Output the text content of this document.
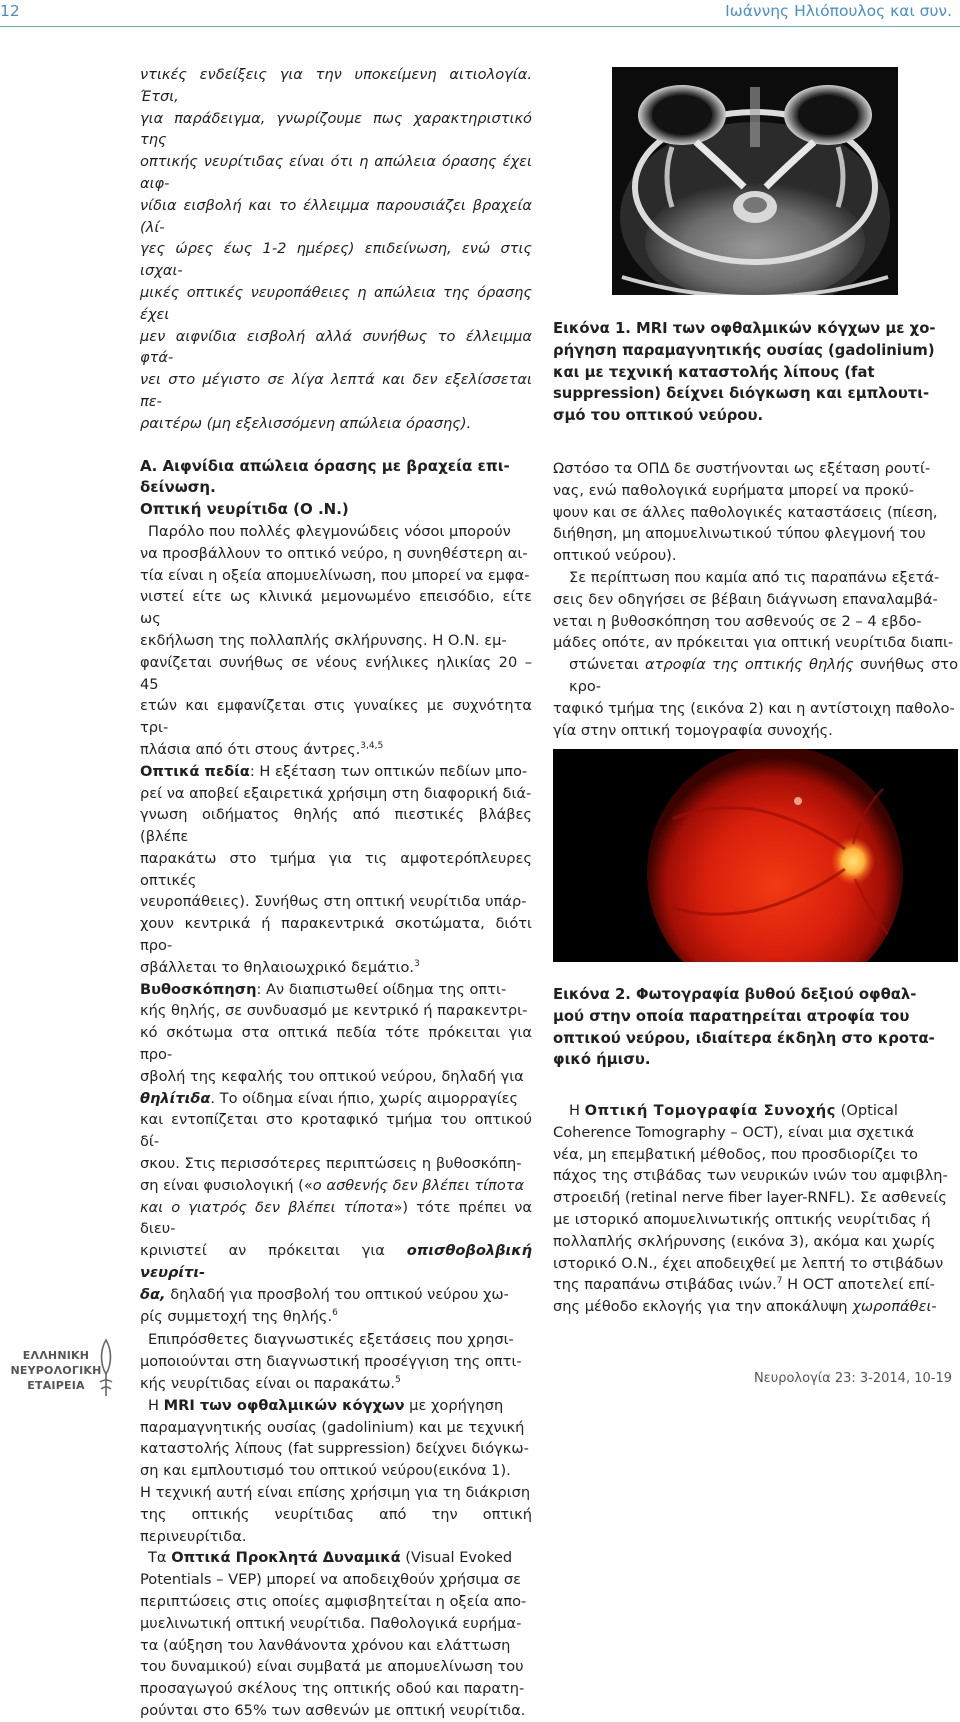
12	Ιωάννης Ηλιόπουλος και συν.
ντικές ενδείξεις για την υποκείμενη αιτιολογία. Έτσι,
για παράδειγμα, γνωρίζουμε πως χαρακτηριστικό της
οπτικής νευρίτιδας είναι ότι η απώλεια όρασης έχει αιφ-
νίδια εισβολή και το έλλειμμα παρουσιάζει βραχεία (λί-
γες ώρες έως 1-2 ημέρες) επιδείνωση, ενώ στις ισχαι-
μικές οπτικές νευροπάθειες η απώλεια της όρασης έχει
μεν αιφνίδια εισβολή αλλά συνήθως το έλλειμμα φτά-
νει στο μέγιστο σε λίγα λεπτά και δεν εξελίσσεται πε-
ραιτέρω (μη εξελισσόμενη απώλεια όρασης).
Α. Αιφνίδια απώλεια όρασης με βραχεία επι-
δείνωση.
Οπτική νευρίτιδα (Ο .Ν.)
Παρόλο που πολλές φλεγμονώδεις νόσοι μπορούν
να προσβάλλουν το οπτικό νεύρο, η συνηθέστερη αι-
τία είναι η οξεία απομυελίνωση, που μπορεί να εμφα-
νιστεί είτε ως κλινικά μεμονωμένο επεισόδιο, είτε ως
εκδήλωση της πολλαπλής σκλήρυνσης. Η Ο.Ν. εμ-
φανίζεται συνήθως σε νέους ενήλικες ηλικίας 20 – 45
ετών και εμφανίζεται στις γυναίκες με συχνότητα τρι-
πλάσια από ότι στους άντρες.$^{3,4,5}$
Οπτικά πεδία: Η εξέταση των οπτικών πεδίων μπο-
ρεί να αποβεί εξαιρετικά χρήσιμη στη διαφορική διά-
γνωση οιδήματος θηλής από πιεστικές βλάβες (βλέπε
παρακάτω στο τμήμα για τις αμφοτερόπλευρες οπτικές
νευροπάθειες). Συνήθως στη οπτική νευρίτιδα υπάρ-
χουν κεντρικά ή παρακεντρικά σκοτώματα, διότι προ-
σβάλλεται το θηλαιοωχρικό δεμάτιο.$^3$
Βυθοσκόπηση: Αν διαπιστωθεί οίδημα της οπτι-
κής θηλής, σε συνδυασμό με κεντρικό ή παρακεντρι-
κό σκότωμα στα οπτικά πεδία τότε πρόκειται για προ-
σβολή της κεφαλής του οπτικού νεύρου, δηλαδή για
θηλίτιδα. Το οίδημα είναι ήπιο, χωρίς αιμορραγίες
και εντοπίζεται στο κροταφικό τμήμα του οπτικού δί-
σκου. Στις περισσότερες περιπτώσεις η βυθοσκόπη-
ση είναι φυσιολογική («ο ασθενής δεν βλέπει τίποτα
και ο γιατρός δεν βλέπει τίποτα») τότε πρέπει να διευ-
κρινιστεί αν πρόκειται για οπισθοβολβική νευρίτι-
δα, δηλαδή για προσβολή του οπτικού νεύρου χω-
ρίς συμμετοχή της θηλής.$^6$
Επιπρόσθετες διαγνωστικές εξετάσεις που χρησι-
μοποιούνται στη διαγνωστική προσέγγιση της οπτι-
κής νευρίτιδας είναι οι παρακάτω.$^5$
Η MRI των οφθαλμικών κόγχων με χορήγηση
παραμαγνητικής ουσίας (gadolinium) και με τεχνική
καταστολής λίπους (fat suppression) δείχνει διόγκω-
ση και εμπλουτισμό του οπτικού νεύρου(εικόνα 1).
Η τεχνική αυτή είναι επίσης χρήσιμη για τη διάκριση
της οπτικής νευρίτιδας από την οπτική περινευρίτιδα.
Τα Οπτικά Προκλητά Δυναμικά (Visual Evoked
Potentials – VEP) μπορεί να αποδειχθούν χρήσιμα σε
περιπτώσεις στις οποίες αμφισβητείται η οξεία απο-
μυελινωτική οπτική νευρίτιδα. Παθολογικά ευρήμα-
τα (αύξηση του λανθάνοντα χρόνου και ελάττωση
του δυναμικού) είναι συμβατά με απομυελίνωση του
προσαγωγού σκέλους της οπτικής οδού και παρατη-
ρούνται στο 65% των ασθενών με οπτική νευρίτιδα.
Εικόνα 1. MRI των οφθαλμικών κόγχων με χο-
ρήγηση παραμαγνητικής ουσίας (gadolinium)
και με τεχνική καταστολής λίπους (fat
suppression) δείχνει διόγκωση και εμπλουτι-
σμό του οπτικού νεύρου.
Ωστόσο τα ΟΠΔ δε συστήνονται ως εξέταση ρουτί-
νας, ενώ παθολογικά ευρήματα μπορεί να προκύ-
ψουν και σε άλλες παθολογικές καταστάσεις (πίεση,
διήθηση, μη απομυελινωτικού τύπου φλεγμονή του
οπτικού νεύρου).
Σε περίπτωση που καμία από τις παραπάνω εξετά-
σεις δεν οδηγήσει σε βέβαιη διάγνωση επαναλαμβά-
νεται η βυθοσκόπηση του ασθενούς σε 2 – 4 εβδο-
μάδες οπότε, αν πρόκειται για οπτική νευρίτιδα διαπι-
στώνεται ατροφία της οπτικής θηλής συνήθως στο κρο-
ταφικό τμήμα της (εικόνα 2) και η αντίστοιχη παθολο-
γία στην οπτική τομογραφία συνοχής.
Εικόνα 2. Φωτογραφία βυθού δεξιού οφθαλ-
μού στην οποία παρατηρείται ατροφία του
οπτικού νεύρου, ιδιαίτερα έκδηλη στο κροτα-
φικό ήμισυ.
Η Οπτική Τομογραφία Συνοχής (Optical
Coherence Tomography – OCT), είναι μια σχετικά
νέα, μη επεμβατική μέθοδος, που προσδιορίζει το
πάχος της στιβάδας των νευρικών ινών του αμφιβλη-
στροειδή (retinal nerve fiber layer-RNFL). Σε ασθενείς
με ιστορικό απομυελινωτικής οπτικής νευρίτιδας ή
πολλαπλής σκλήρυνσης (εικόνα 3), ακόμα και χωρίς
ιστορικό Ο.Ν., έχει αποδειχθεί με λεπτή το στιβάδων
της παραπάνω στιβάδας ινών.$^7$ Η OCT αποτελεί επί-
σης μέθοδο εκλογής για την αποκάλυψη χωροπάθει-
ΕΛΛΗΝΙΚΗ
ΝΕΥΡΟΛΟΓΙΚΗ
ΕΤΑΙΡΕΙΑ	Νευρολογία 23: 3-2014, 10-19
